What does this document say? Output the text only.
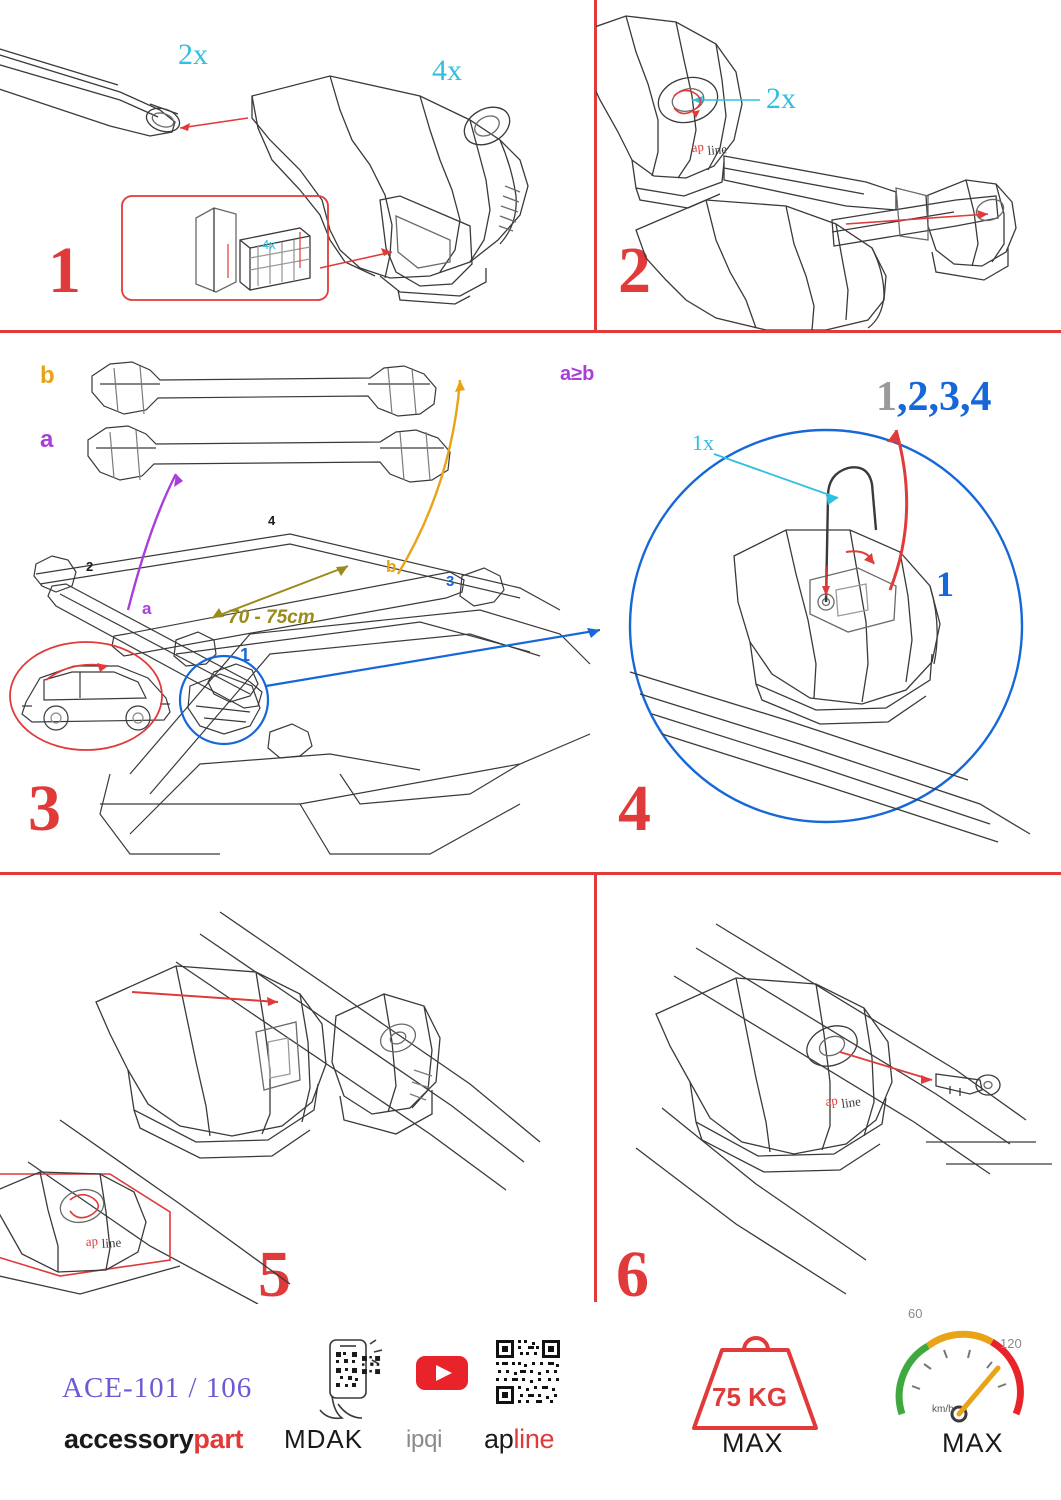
1
2x	4x
4x	2
ap line
2x
3
b
a
a
b
70 - 75cm
1
2
3
4
4
a≥b
1x
1
1,2,3,4
5
ap line	6
ap line
ACE-101 / 106
accessorypart MDAK ipqi apline
75 KG
MAX
60
120
km/h
MAX
